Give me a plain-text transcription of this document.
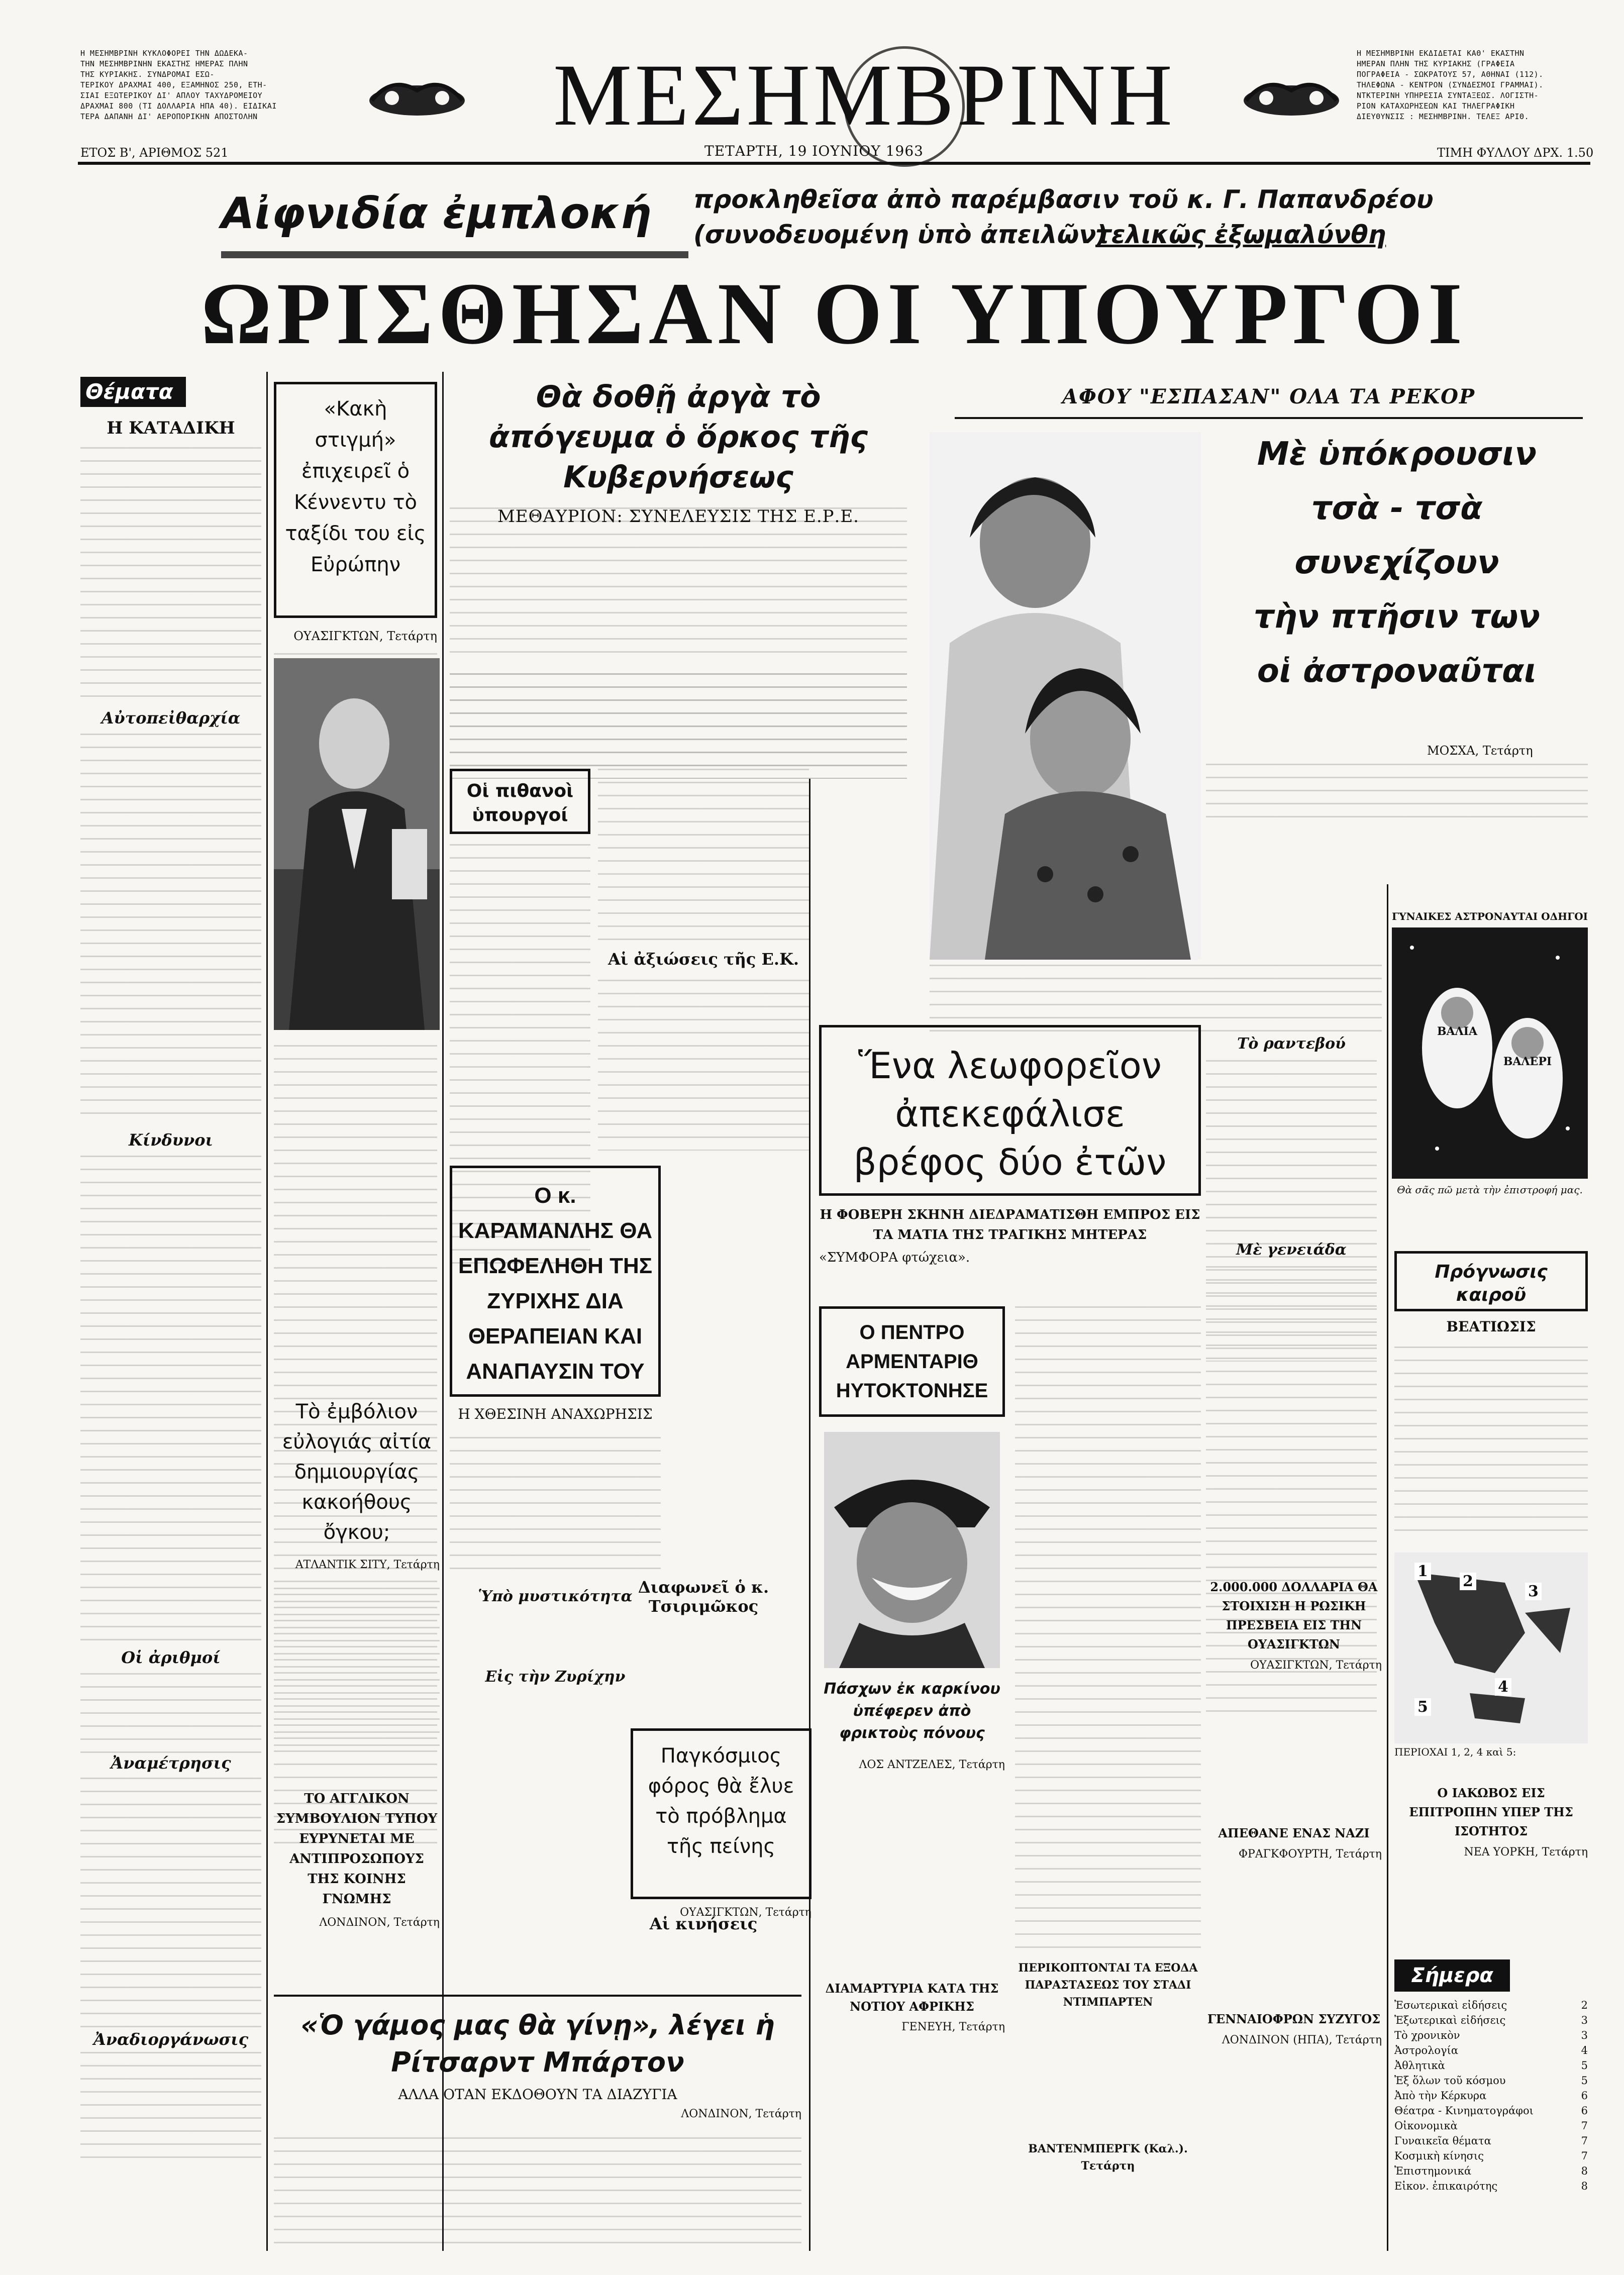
Η ΜΕΣΗΜΒΡΙΝΗ ΚΥΚΛΟΦΟΡΕΙ ΤΗΝ ΔΩΔΕΚΑ-
ΤΗΝ ΜΕΣΗΜΒΡΙΝΗΝ ΕΚΑΣΤΗΣ ΗΜΕΡΑΣ ΠΛΗΝ
ΤΗΣ ΚΥΡΙΑΚΗΣ. ΣΥΝΔΡΟΜΑΙ ΕΣΩ-
ΤΕΡΙΚΟΥ ΔΡΑΧΜΑΙ 400, ΕΞΑΜΗΝΟΣ 250, ΕΤΗ-
ΣΙΑΙ ΕΞΩΤΕΡΙΚΟΥ ΔΙ' ΑΠΛΟΥ ΤΑΧΥΔΡΟΜΕΙΟΥ
ΔΡΑΧΜΑΙ 800 (ΤΙ ΔΟΛΛΑΡΙΑ ΗΠΑ 40). ΕΙΔΙΚΑΙ
ΤΕΡΑ ΔΑΠΑΝΗ ΔΙ' ΑΕΡΟΠΟΡΙΚΗΝ ΑΠΟΣΤΟΛΗΝ	ΜΕΣΗΜΒΡΙΝΗ	Η ΜΕΣΗΜΒΡΙΝΗ ΕΚΔΙΔΕΤΑΙ ΚΑΘ' ΕΚΑΣΤΗΝ
ΗΜΕΡΑΝ ΠΛΗΝ ΤΗΣ ΚΥΡΙΑΚΗΣ (ΓΡΑΦΕΙΑ
ΠΟΓΡΑΦΕΙΑ - ΣΩΚΡΑΤΟΥΣ 57, ΑΘΗΝΑΙ (112).
ΤΗΛΕΦΩΝΑ - ΚΕΝΤΡΟΝ (ΣΥΝΔΕΣΜΟΙ ΓΡΑΜΜΑΙ).
ΝΤΚΤΕΡΙΝΗ ΥΠΗΡΕΣΙΑ ΣΥΝΤΑΞΕΩΣ. ΛΟΓΙΣΤΗ-
ΡΙΟΝ ΚΑΤΑΧΩΡΗΣΕΩΝ ΚΑΙ ΤΗΛΕΓΡΑΦΙΚΗ
ΔΙΕΥΘΥΝΣΙΣ : ΜΕΣΗΜΒΡΙΝΗ. ΤΕΛΕΞ ΑΡΙΘ.
ΕΤΟΣ Β', ΑΡΙΘΜΟΣ 521	ΤΕΤΑΡΤΗ, 19 ΙΟΥΝΙΟΥ 1963	ΤΙΜΗ ΦΥΛΛΟΥ ΔΡΧ. 1.50
Αἰφνιδία ἐμπλοκή	προκληθεῖσα ἀπὸ παρέμβασιν τοῦ κ. Γ. Παπανδρέου
(συνοδευομένη ὑπὸ ἀπειλῶν)
τελικῶς ἐξωμαλύνθη
ΩΡΙΣΘΗΣΑΝ ΟΙ ΥΠΟΥΡΓΟΙ
Θέματα
Η ΚΑΤΑΔΙΚΗ
Αὐτοπεἰθαρχία
Κίνδυνοι
Οἱ ἀριθμοί
Ἀναμέτρησις
Ἀναδιοργάνωσις
«Κακὴ στιγμή» ἐπιχειρεῖ ὁ Κέννεντυ τὸ ταξίδι του εἰς Εὐρώπην
ΟΥΑΣΙΓΚΤΩΝ, Τετάρτη
Θὰ δοθῇ ἀργὰ τὸ ἀπόγευμα ὁ ὅρκος τῆς Κυβερνήσεως
ΜΕΘΑΥΡΙΟΝ: ΣΥΝΕΛΕΥΣΙΣ ΤΗΣ Ε.Ρ.Ε.
Οἱ πιθανοὶ ὑπουργοί
Αἱ ἀξιώσεις τῆς Ε.Κ.
Διαφωνεῖ ὁ κ. Τσιριμῶκος
Αἱ κινήσεις
Ο κ. ΚΑΡΑΜΑΝΛΗΣ ΘΑ ΕΠΩΦΕΛΗΘΗ ΤΗΣ ΖΥΡΙΧΗΣ ΔΙΑ ΘΕΡΑΠΕΙΑΝ ΚΑΙ ΑΝΑΠΑΥΣΙΝ ΤΟΥ
Η ΧΘΕΣΙΝΗ ΑΝΑΧΩΡΗΣΙΣ
Ὑπὸ μυστικότητα
Εἰς τὴν Ζυρίχην
Τὸ ἐμβόλιον εὐλογιάς αἰτία δημιουργίας κακοήθους ὄγκου;
ΑΤΛΑΝΤΙΚ ΣΙΤΥ, Τετάρτη
ΤΟ ΑΓΓΛΙΚΟΝ ΣΥΜΒΟΥΛΙΟΝ ΤΥΠΟΥ ΕΥΡΥΝΕΤΑΙ ΜΕ ΑΝΤΙΠΡΟΣΩΠΟΥΣ ΤΗΣ ΚΟΙΝΗΣ ΓΝΩΜΗΣ
ΛΟΝΔΙΝΟΝ, Τετάρτη
«Ὁ γάμος μας θὰ γίνῃ», λέγει ἡ Ρίτσαρντ Μπάρτον
ΑΛΛΑ ΟΤΑΝ ΕΚΔΟΘΟΥΝ ΤΑ ΔΙΑΖΥΓΙΑ
ΛΟΝΔΙΝΟΝ, Τετάρτη
ΑΦΟΥ "ΕΣΠΑΣΑΝ" ΟΛΑ ΤΑ ΡΕΚΟΡ
Μὲ ὑπόκρουσιν
τσὰ - τσὰ
συνεχίζουν
τὴν πτῆσιν των
οἱ ἀστροναῦται
ΜΟΣΧΑ, Τετάρτη
Τὸ ραντεβού
ΓΥΝΑΙΚΕΣ ΑΣΤΡΟΝΑΥΤΑΙ ΟΔΗΓΟΙ
ΒΑΛΙΑ
ΒΑΛΕΡΙ
Θὰ σᾶς πῶ μετὰ τὴν ἐπιστροφή μας.
Μὲ γενειάδα
Ἕνα λεωφορεῖον ἀπεκεφάλισε βρέφος δύο ἐτῶν
Η ΦΟΒΕΡΗ ΣΚΗΝΗ ΔΙΕΔΡΑΜΑΤΙΣΘΗ ΕΜΠΡΟΣ ΕΙΣ ΤΑ ΜΑΤΙΑ ΤΗΣ ΤΡΑΓΙΚΗΣ ΜΗΤΕΡΑΣ
«ΣΥΜΦΟΡΑ φτώχεια».
Ο ΠΕΝΤΡΟ ΑΡΜΕΝΤΑΡΙΘ ΗΥΤΟΚΤΟΝΗΣΕ
Πάσχων ἐκ καρκίνου ὑπέφερεν ἀπὸ φρικτοὺς πόνους
ΛΟΣ ΑΝΤΖΕΛΕΣ, Τετάρτη
Παγκόσμιος φόρος θὰ ἔλυε τὸ πρόβλημα τῆς πείνης
ΟΥΑΣΙΓΚΤΩΝ, Τετάρτη
ΔΙΑΜΑΡΤΥΡΙΑ ΚΑΤΑ ΤΗΣ ΝΟΤΙΟΥ ΑΦΡΙΚΗΣ
ΓΕΝΕΥΗ, Τετάρτη
ΠΕΡΙΚΟΠΤΟΝΤΑΙ ΤΑ ΕΞΟΔΑ ΠΑΡΑΣΤΑΣΕΩΣ ΤΟΥ ΣΤΑΔΙ ΝΤΙΜΠΑΡΤΕΝ
ΒΑΝΤΕΝΜΠΕΡΓΚ (Καλ.). Τετάρτη
2.000.000 ΔΟΛΛΑΡΙΑ ΘΑ ΣΤΟΙΧΙΣΗ Η ΡΩΣΙΚΗ ΠΡΕΣΒΕΙΑ ΕΙΣ ΤΗΝ ΟΥΑΣΙΓΚΤΩΝ
ΟΥΑΣΙΓΚΤΩΝ, Τετάρτη
ΑΠΕΘΑΝΕ ΕΝΑΣ ΝΑΖΙ
ΦΡΑΓΚΦΟΥΡΤΗ, Τετάρτη
ΓΕΝΝΑΙΟΦΡΩΝ ΣΥΖΥΓΟΣ
ΛΟΝΔΙΝΟΝ (ΗΠΑ), Τετάρτη
Πρόγνωσις καιροῦ
ΒΕΑΤΙΩΣΙΣ
1
2
3
4
5
ΠΕΡΙΟΧΑΙ 1, 2, 4 καὶ 5:
Ο ΙΑΚΩΒΟΣ ΕΙΣ ΕΠΙΤΡΟΠΗΝ ΥΠΕΡ ΤΗΣ ΙΣΟΤΗΤΟΣ
ΝΕΑ ΥΟΡΚΗ, Τετάρτη
Σήμερα
Ἐσωτερικαὶ εἰδήσεις	2
Ἐξωτερικαὶ εἰδήσεις	3
Τὸ χρονικὸν	3
Ἀστρολογία	4
Ἀθλητικὰ	5
Ἐξ ὅλων τοῦ κόσμου	5
Ἀπὸ τὴν Κέρκυρα	6
Θέατρα - Κινηματογράφοι	6
Οἰκονομικὰ	7
Γυναικεῖα θέματα	7
Κοσμικὴ κίνησις	7
Ἐπιστημονικά	8
Εἰκον. ἐπικαιρότης	8
